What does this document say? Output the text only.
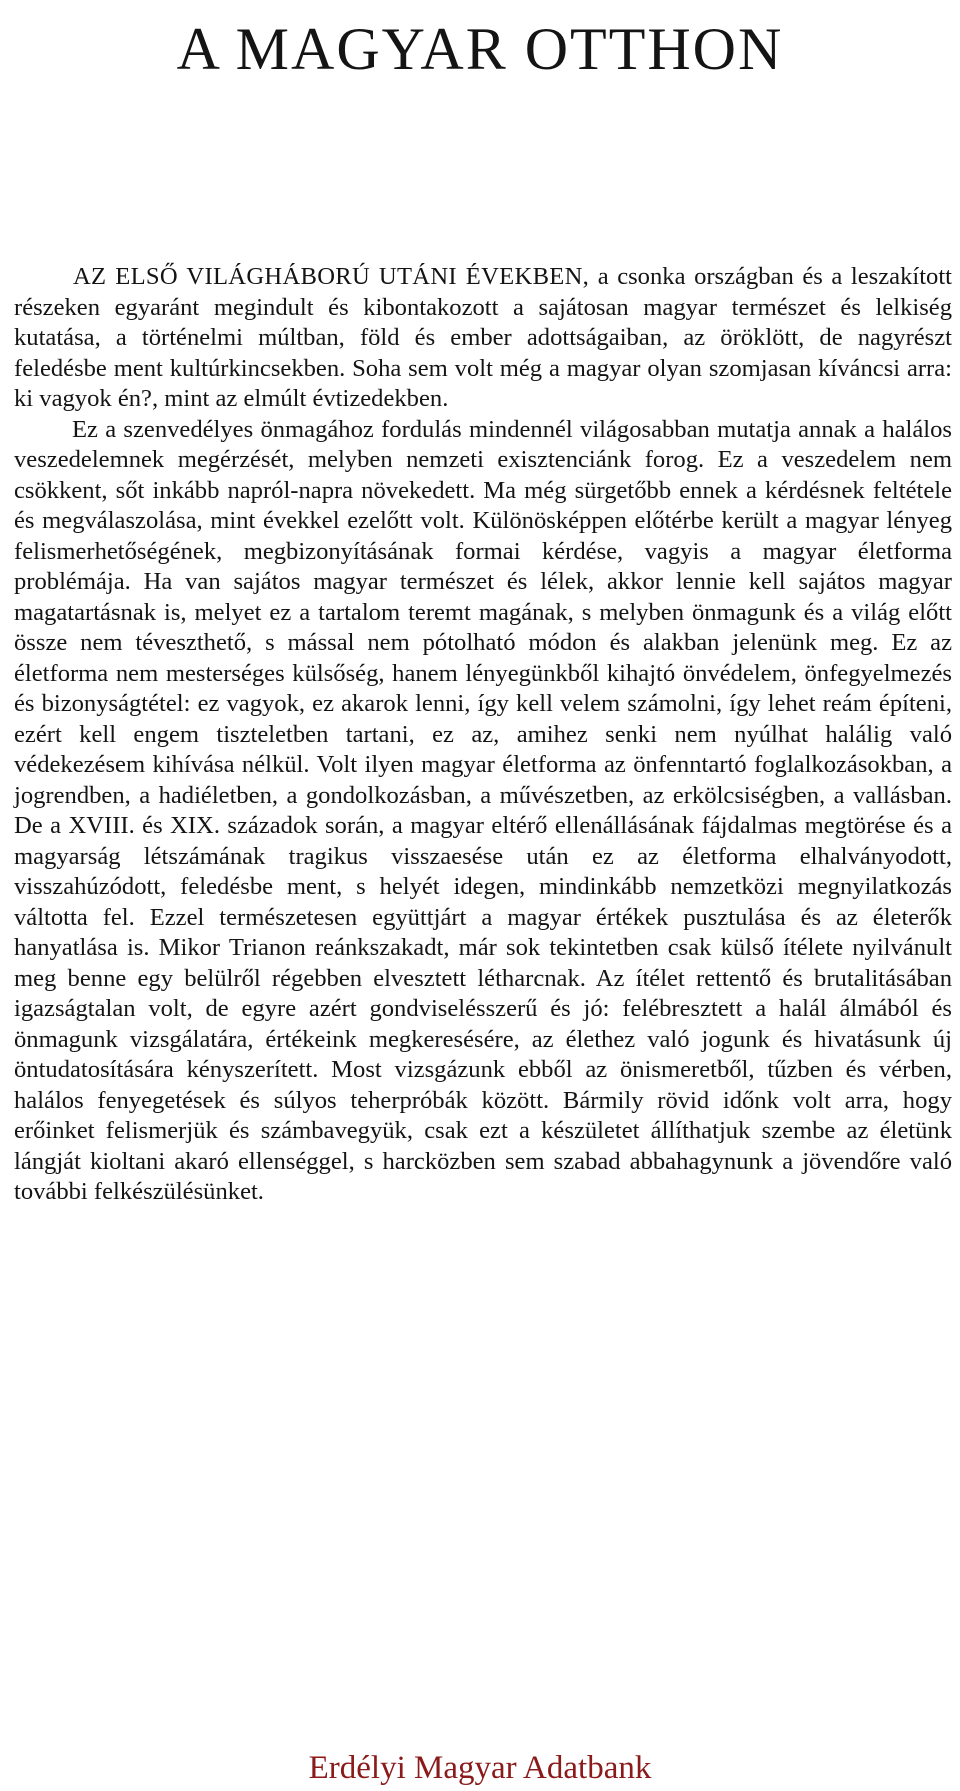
A MAGYAR OTTHON

AZ ELSŐ VILÁGHÁBORÚ UTÁNI ÉVEKBEN, a csonka országban és a leszakított részeken egyaránt megindult és kibontakozott a sajátosan magyar természet és lelkiség kutatása, a történelmi múltban, föld és ember adottságaiban, az öröklött, de nagyrészt feledésbe ment kultúrkincsekben. Soha sem volt még a magyar olyan szomjasan kíváncsi arra: ki vagyok én?, mint az elmúlt évtizedekben.

Ez a szenvedélyes önmagához fordulás mindennél világosabban mutatja annak a halálos veszedelemnek megérzését, melyben nemzeti exisztenciánk forog. Ez a veszedelem nem csökkent, sőt inkább napról-napra növekedett. Ma még sürgetőbb ennek a kérdésnek feltétele és megválaszolása, mint évekkel ezelőtt volt. Különösképpen előtérbe került a magyar lényeg felismerhetőségének, megbizonyításának formai kérdése, vagyis a magyar életforma problémája. Ha van sajátos magyar természet és lélek, akkor lennie kell sajátos magyar magatartásnak is, melyet ez a tartalom teremt magának, s melyben önmagunk és a világ előtt össze nem téveszthető, s mással nem pótolható módon és alakban jelenünk meg. Ez az életforma nem mesterséges külsőség, hanem lényegünkből kihajtó önvédelem, önfegyelmezés és bizonyságtétel: ez vagyok, ez akarok lenni, így kell velem számolni, így lehet reám építeni, ezért kell engem tiszteletben tartani, ez az, amihez senki nem nyúlhat halálig való védekezésem kihívása nélkül. Volt ilyen magyar életforma az önfenntartó foglalkozásokban, a jogrendben, a hadiéletben, a gondolkozásban, a művészetben, az erkölcsiségben, a vallásban. De a XVIII. és XIX. századok során, a magyar eltérő ellenállásának fájdalmas megtörése és a magyarság létszámának tragikus visszaesése után ez az életforma elhalványodott, visszahúzódott, feledésbe ment, s helyét idegen, mindinkább nemzetközi megnyilatkozás váltotta fel. Ezzel természetesen együttjárt a magyar értékek pusztulása és az életerők hanyatlása is. Mikor Trianon reánkszakadt, már sok tekintetben csak külső ítélete nyilvánult meg benne egy belülről régebben elvesztett létharcnak. Az ítélet rettentő és brutalitásában igazságtalan volt, de egyre azért gondviselésszerű és jó: felébresztett a halál álmából és önmagunk vizsgálatára, értékeink megkeresésére, az élethez való jogunk és hivatásunk új öntudatosítására kényszerített. Most vizsgázunk ebből az önismeretből, tűzben és vérben, halálos fenyegetések és súlyos teherpróbák között. Bármily rövid időnk volt arra, hogy erőinket felismerjük és számbavegyük, csak ezt a készületet állíthatjuk szembe az életünk lángját kioltani akaró ellenséggel, s harcközben sem szabad abbahagynunk a jövendőre való további felkészülésünket.

Erdélyi Magyar Adatbank
